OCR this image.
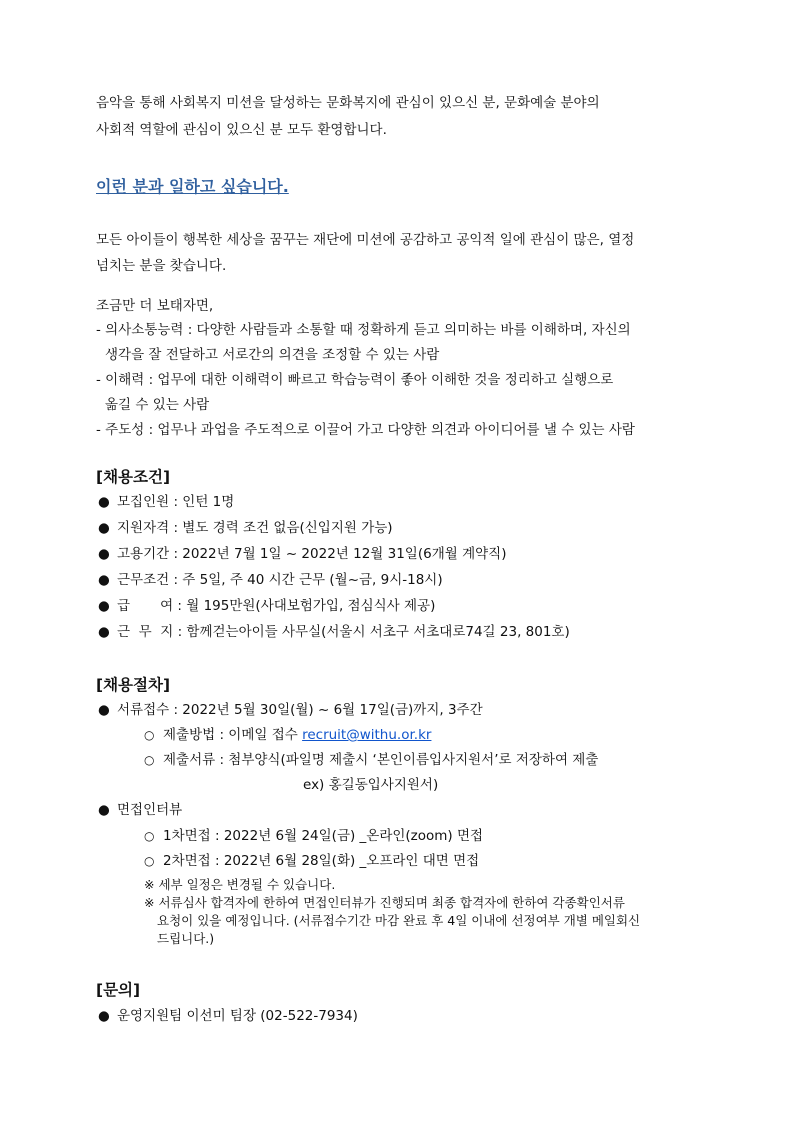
음악을 통해 사회복지 미션을 달성하는 문화복지에 관심이 있으신 분, 문화예술 분야의

사회적 역할에 관심이 있으신 분 모두 환영합니다.

이런 분과 일하고 싶습니다.

모든 아이들이 행복한 세상을 꿈꾸는 재단에 미션에 공감하고 공익적 일에 관심이 많은, 열정

넘치는 분을 찾습니다.

조금만 더 보태자면,

- 의사소통능력 : 다양한 사람들과 소통할 때 정확하게 듣고 의미하는 바를 이해하며, 자신의

생각을 잘 전달하고 서로간의 의견을 조정할 수 있는 사람

- 이해력 : 업무에 대한 이해력이 빠르고 학습능력이 좋아 이해한 것을 정리하고 실행으로

옮길 수 있는 사람

- 주도성 : 업무나 과업을 주도적으로 이끌어 가고 다양한 의견과 아이디어를 낼 수 있는 사람

[채용조건]

● 모집인원 : 인턴 1명

● 지원자격 : 별도 경력 조건 없음(신입지원 가능)

● 고용기간 : 2022년 7월 1일 ~ 2022년 12월 31일(6개월 계약직)

● 근무조건 : 주 5일, 주 40 시간 근무 (월~금, 9시-18시)

● 급       여 : 월 195만원(사대보험가입, 점심식사 제공)

● 근  무  지 : 함께걷는아이들 사무실(서울시 서초구 서초대로74길 23, 801호)

[채용절차]

● 서류접수 : 2022년 5월 30일(월) ~ 6월 17일(금)까지, 3주간

○ 제출방법 : 이메일 접수 recruit@withu.or.kr

○ 제출서류 : 첨부양식(파일명 제출시 ‘본인이름입사지원서’로 저장하여 제출

ex) 홍길동입사지원서)

● 면접인터뷰

○ 1차면접 : 2022년 6월 24일(금) _온라인(zoom) 면접

○ 2차면접 : 2022년 6월 28일(화) _오프라인 대면 면접

※ 세부 일정은 변경될 수 있습니다.

※ 서류심사 합격자에 한하여 면접인터뷰가 진행되며 최종 합격자에 한하여 각종확인서류

요청이 있을 예정입니다. (서류접수기간 마감 완료 후 4일 이내에 선정여부 개별 메일회신

드립니다.)

[문의]

● 운영지원팀 이선미 팀장 (02-522-7934)
